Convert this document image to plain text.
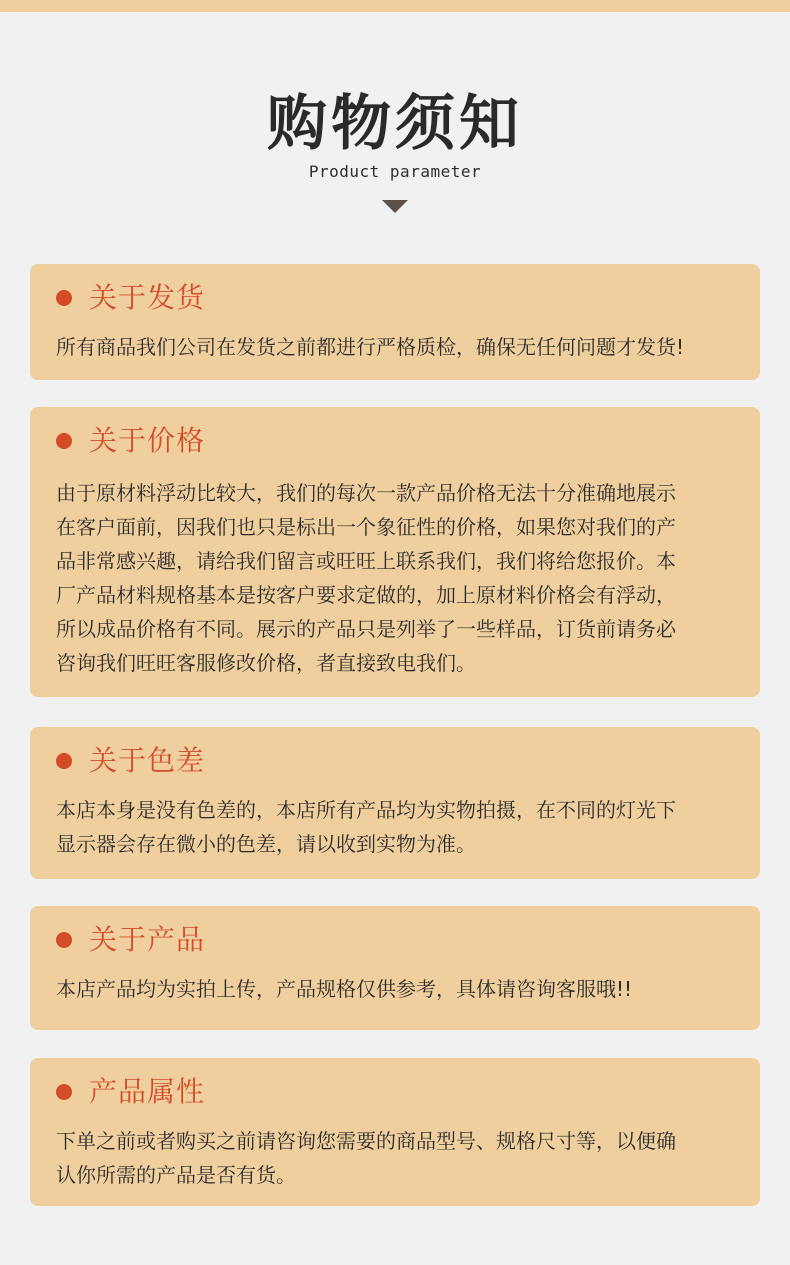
购物须知
Product parameter
关于发货
所有商品我们公司在发货之前都进行严格质检，确保无任何问题才发货!
关于价格
由于原材料浮动比较大，我们的每次一款产品价格无法十分准确地展示
在客户面前，因我们也只是标出一个象征性的价格，如果您对我们的产
品非常感兴趣，请给我们留言或旺旺上联系我们，我们将给您报价。本
厂产品材料规格基本是按客户要求定做的，加上原材料价格会有浮动，
所以成品价格有不同。展示的产品只是列举了一些样品，订货前请务必
咨询我们旺旺客服修改价格，者直接致电我们。
关于色差
本店本身是没有色差的，本店所有产品均为实物拍摄，在不同的灯光下
显示器会存在微小的色差，请以收到实物为准。
关于产品
本店产品均为实拍上传，产品规格仅供参考，具体请咨询客服哦!!
产品属性
下单之前或者购买之前请咨询您需要的商品型号、规格尺寸等，以便确
认你所需的产品是否有货。
